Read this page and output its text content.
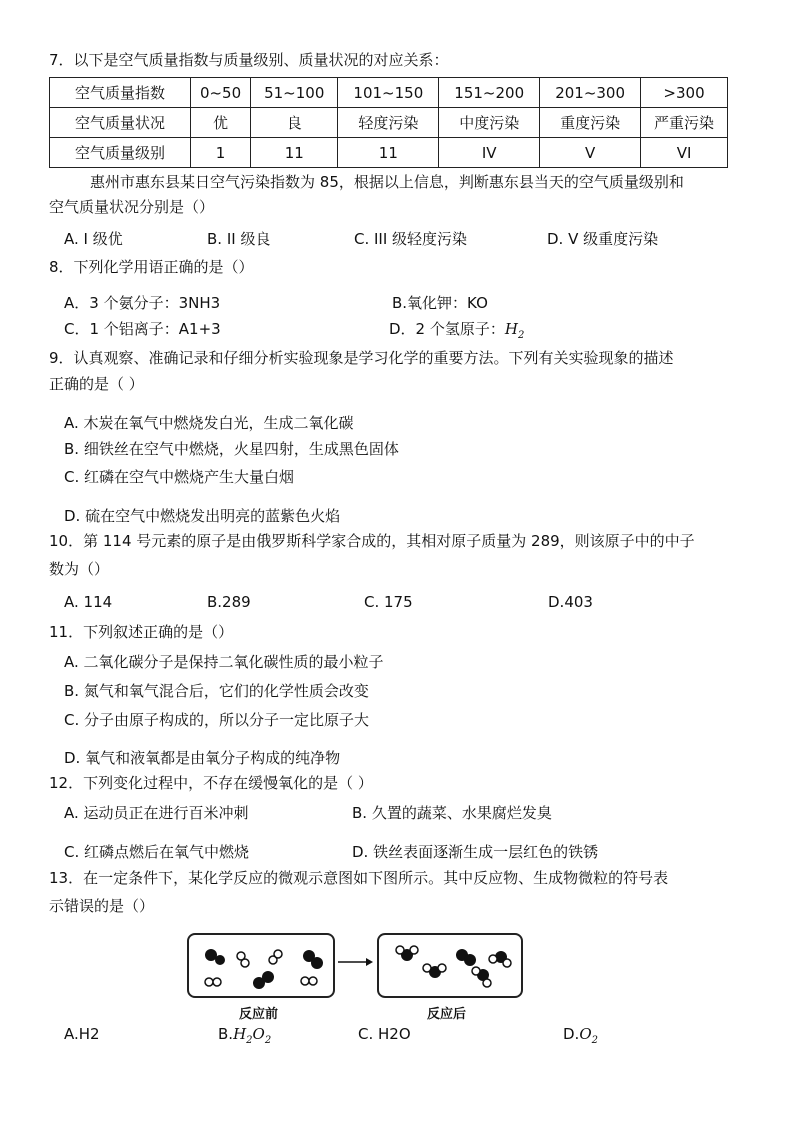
7．以下是空气质量指数与质量级别、质量状况的对应关系：
空气质量指数	0~50	51~100	101~150	151~200	201~300	>300
空气质量状况	优	良	轻度污染	中度污染	重度污染	严重污染
空气质量级别	1	11	11	IV	V	VI
惠州市惠东县某日空气污染指数为 85，根据以上信息，判断惠东县当天的空气质量级别和
空气质量状况分别是（）
A. I 级优	B. II 级良	C. III 级轻度污染	D. V 级重度污染
8．下列化学用语正确的是（）
A．3 个氨分子：3NH3	B.氧化钾：KO
C．1 个铝离子：A1+3	D．2 个氢原子：$H_2$
9．认真观察、准确记录和仔细分析实验现象是学习化学的重要方法。下列有关实验现象的描述
正确的是（ ）
A. 木炭在氧气中燃烧发白光，生成二氧化碳
B. 细铁丝在空气中燃烧，火星四射，生成黑色固体
C. 红磷在空气中燃烧产生大量白烟
D. 硫在空气中燃烧发出明亮的蓝紫色火焰
10．第 114 号元素的原子是由俄罗斯科学家合成的，其相对原子质量为 289，则该原子中的中子
数为（）
A. 114	B.289	C. 175	D.403
11．下列叙述正确的是（）
A. 二氧化碳分子是保持二氧化碳性质的最小粒子
B. 氮气和氧气混合后，它们的化学性质会改变
C. 分子由原子构成的，所以分子一定比原子大
D. 氧气和液氧都是由氧分子构成的纯净物
12．下列变化过程中，不存在缓慢氧化的是（ ）
A. 运动员正在进行百米冲刺	B. 久置的蔬菜、水果腐烂发臭
C. 红磷点燃后在氧气中燃烧	D. 铁丝表面逐渐生成一层红色的铁锈
13．在一定条件下，某化学反应的微观示意图如下图所示。其中反应物、生成物微粒的符号表
示错误的是（）
反应前	反应后
A.H2	$B.H_2O_2$	C. H2O	$D.O_2$
